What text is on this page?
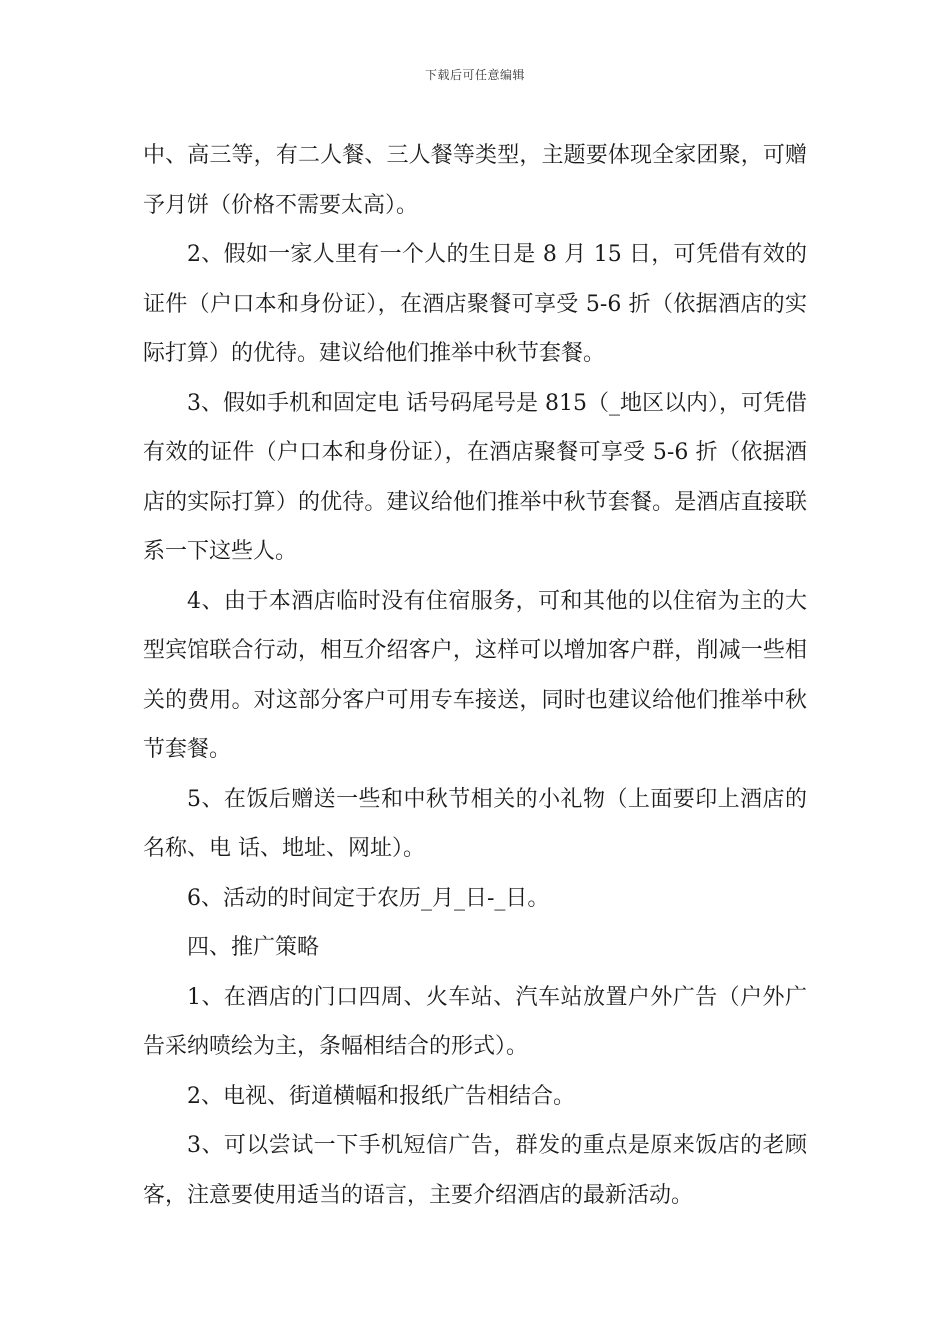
下载后可任意编辑

中、高三等，有二人餐、三人餐等类型，主题要体现全家团聚，可赠予月饼（价格不需要太高）。

2、假如一家人里有一个人的生日是 8 月 15 日，可凭借有效的证件（户口本和身份证），在酒店聚餐可享受 5-6 折（依据酒店的实际打算）的优待。建议给他们推举中秋节套餐。

3、假如手机和固定电 话号码尾号是 815（_地区以内），可凭借有效的证件（户口本和身份证），在酒店聚餐可享受 5-6 折（依据酒店的实际打算）的优待。建议给他们推举中秋节套餐。是酒店直接联系一下这些人。

4、由于本酒店临时没有住宿服务，可和其他的以住宿为主的大型宾馆联合行动，相互介绍客户，这样可以增加客户群，削减一些相关的费用。对这部分客户可用专车接送，同时也建议给他们推举中秋节套餐。

5、在饭后赠送一些和中秋节相关的小礼物（上面要印上酒店的名称、电 话、地址、网址）。

6、活动的时间定于农历_月_日-_日。

四、推广策略

1、在酒店的门口四周、火车站、汽车站放置户外广告（户外广告采纳喷绘为主，条幅相结合的形式）。

2、电视、街道横幅和报纸广告相结合。

3、可以尝试一下手机短信广告，群发的重点是原来饭店的老顾客，注意要使用适当的语言，主要介绍酒店的最新活动。
